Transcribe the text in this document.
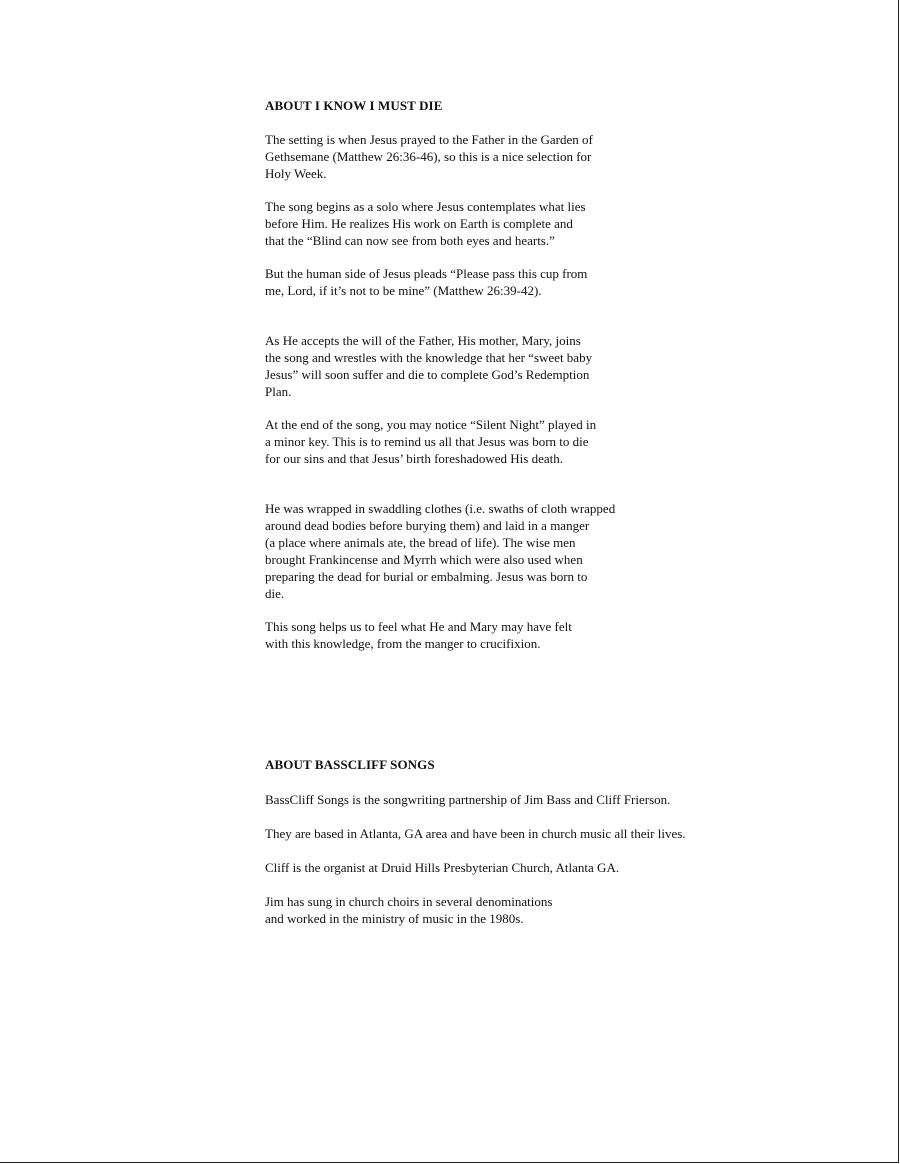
ABOUT I KNOW I MUST DIE

The setting is when Jesus prayed to the Father in the Garden of
Gethsemane (Matthew 26:36-46), so this is a nice selection for
Holy Week.

The song begins as a solo where Jesus contemplates what lies
before Him. He realizes His work on Earth is complete and
that the “Blind can now see from both eyes and hearts.”

But the human side of Jesus pleads “Please pass this cup from
me, Lord, if it’s not to be mine” (Matthew 26:39-42).

As He accepts the will of the Father, His mother, Mary, joins
the song and wrestles with the knowledge that her “sweet baby
Jesus” will soon suffer and die to complete God’s Redemption
Plan.

At the end of the song, you may notice “Silent Night” played in
a minor key. This is to remind us all that Jesus was born to die
for our sins and that Jesus’ birth foreshadowed His death.

He was wrapped in swaddling clothes (i.e. swaths of cloth wrapped
around dead bodies before burying them) and laid in a manger
(a place where animals ate, the bread of life). The wise men
brought Frankincense and Myrrh which were also used when
preparing the dead for burial or embalming. Jesus was born to
die.

This song helps us to feel what He and Mary may have felt
with this knowledge, from the manger to crucifixion.

ABOUT BASSCLIFF SONGS

BassCliff Songs is the songwriting partnership of Jim Bass and Cliff Frierson.

They are based in Atlanta, GA area and have been in church music all their lives.

Cliff is the organist at Druid Hills Presbyterian Church, Atlanta GA.

Jim has sung in church choirs in several denominations
and worked in the ministry of music in the 1980s.
